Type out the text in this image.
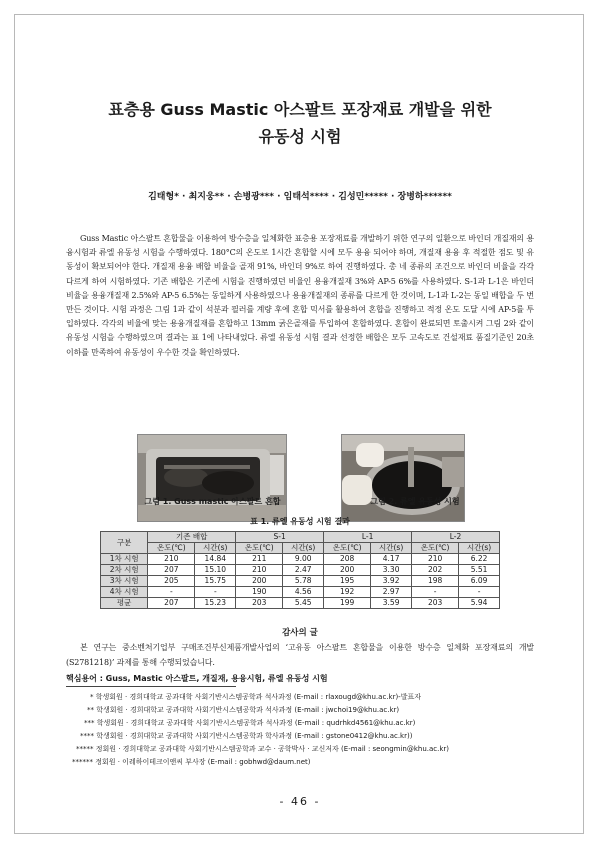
표층용 Guss Mastic 아스팔트 포장재료 개발을 위한
유동성 시험
김태형* · 최지웅** · 손병광*** · 임태석**** · 김성민***** · 장병하******

Guss Mastic 아스팔트 혼합물을 이용하여 방수층을 일체화한 표층용 포장재료를 개발하기 위한 연구의 일환으로 바인더 개질재의 용융시험과 류엘 유동성 시험을 수행하였다. 180°C의 온도로 1시간 혼합할 시에 모두 용융 되어야 하며, 개질재 용융 후 적절한 점도 및 유동성이 확보되어야 한다. 개질재 용융 배합 비율을 골재 91%, 바인더 9%로 하여 진행하였다. 총 네 종류의 조건으로 바인더 비율을 각각 다르게 하여 시험하였다. 기존 배합은 기존에 시험을 진행하였던 비율인 용융개질재 3%와 AP-5 6%를 사용하였다. S-1과 L-1은 바인더 비율을 용융개질재 2.5%와 AP-5 6.5%는 동일하게 사용하였으나 용융개질재의 종류를 다르게 한 것이며, L-1과 L-2는 동일 배합을 두 번 만든 것이다. 시험 과정은 그림 1과 같이 석분과 필러를 계량 후에 혼합 믹서를 활용하여 혼합을 진행하고 적정 온도 도달 시에 AP-5를 투입하였다. 각각의 비율에 맞는 용융개질재를 혼합하고 13mm 굵은골재를 투입하여 혼합하였다. 혼합이 완료되면 토출시켜 그림 2와 같이 유동성 시험을 수행하였으며 결과는 표 1에 나타내었다. 류엘 유동성 시험 결과 선정한 배합은 모두 고속도로 건설재료 품질기준인 20초 이하를 만족하여 유동성이 우수한 것을 확인하였다.

그림 1. Guss mastic 아스팔트 혼합	그림 2. 류엘 유동성 시험
표 1. 류엘 유동성 시험 결과
구분	기존 배합		S-1		L-1		L-2	
	온도(℃)	시간(s)	온도(℃)	시간(s)	온도(℃)	시간(s)	온도(℃)	시간(s)
1차 시험	210	14.84	211	9.00	208	4.17	210	6.22
2차 시험	207	15.10	210	2.47	200	3.30	202	5.51
3차 시험	205	15.75	200	5.78	195	3.92	198	6.09
4차 시험	-	-	190	4.56	192	2.97	-	-
평균	207	15.23	203	5.45	199	3.59	203	5.94
감사의 글

본 연구는 중소벤처기업부 구매조건부신제품개발사업의 ‘고유동 아스팔트 혼합물을 이용한 방수층 일체화 포장재료의 개발(S2781218)’ 과제를 통해 수행되었습니다.

핵심용어 : Guss, Mastic 아스팔트, 개질재, 용융시험, 류엘 유동성 시험
* 학생회원 · 경희대학교 공과대학 사회기반시스템공학과 석사과정 (E-mail : rlaxougd@khu.ac.kr)-발표자
** 학생회원 · 경희대학교 공과대학 사회기반시스템공학과 석사과정 (E-mail : jwchoi19@khu.ac.kr)
*** 학생회원 · 경희대학교 공과대학 사회기반시스템공학과 석사과정 (E-mail : qudrhkd4561@khu.ac.kr)
**** 학생회원 · 경희대학교 공과대학 사회기반시스템공학과 학사과정 (E-mail : gstone0412@khu.ac.kr))
***** 정회원 · 경희대학교 공과대학 사회기반시스템공학과 교수 · 공학박사 · 교신저자 (E-mail : seongmin@khu.ac.kr)
****** 정회원 · 이레하이테크이앤씨 부사장 (E-mail : gobhwd@daum.net)
- 46 -
